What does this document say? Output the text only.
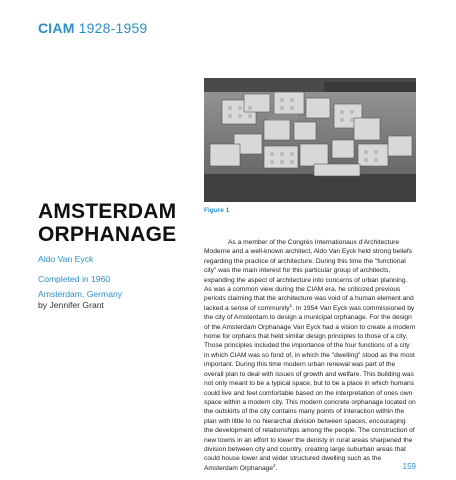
CIAM 1928-1959
Figure 1
AMSTERDAM ORPHANAGE
Aldo Van Eyck
Completed in 1960
Amsterdam, Germany
by Jennifer Grant

As a member of the Congrès Internationaux d'Architecture Moderne and a well-known architect, Aldo Van Eyck held strong beliefs regarding the practice of architecture. During this time the "functional city" was the main interest for this particular group of architects, expanding the aspect of architecture into concerns of urban planning. As was a common view during the CIAM era, he criticized previous periods claiming that the architecture was void of a human element and lacked a sense of community$^1$. In 1954 Van Eyck was commissioned by the city of Amsterdam to design a municipal orphanage. For the design of the Amsterdam Orphanage Van Eyck had a vision to create a modern home for orphans that held similar design principles to those of a city. Those principles included the importance of the four functions of a city in which CIAM was so fond of, in which the "dwelling" stood as the most important. During this time modern urban renewal was part of the overall plan to deal with issues of growth and welfare. This building was not only meant to be a typical space, but to be a place in which humans could live and feel comfortable based on the interpretation of ones own space within a modern city. This modern concrete orphanage located on the outskirts of the city contains many points of interaction within the plan with little to no hierarchal division between spaces, encouraging the development of relationships among the people. The construction of new towns in an effort to lower the denisty in rural areas sharpened the division between city and country, creating large suburban areas that could house lower and wider structured dwelling such as the Amsterdam Orphanage$^2$.	159
